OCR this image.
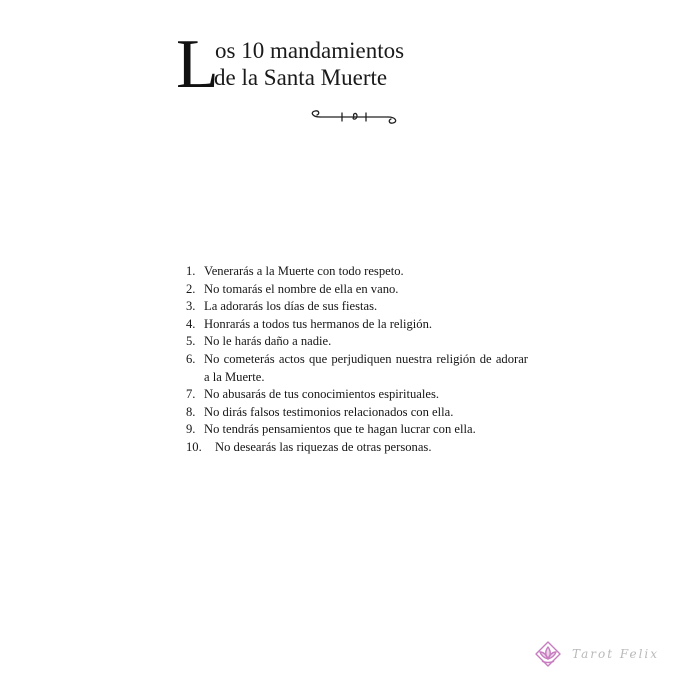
L
os 10 mandamientos
de la Santa Muerte
1. Venerarás a la Muerte con todo respeto.
2. No tomarás el nombre de ella en vano.
3. La adorarás los días de sus fiestas.
4. Honrarás a todos tus hermanos de la religión.
5. No le harás daño a nadie.
6. No cometerás actos que perjudiquen nuestra religión de adorar a la Muerte.
7. No abusarás de tus conocimientos espirituales.
8. No dirás falsos testimonios relacionados con ella.
9. No tendrás pensamientos que te hagan lucrar con ella.
10.	No desearás las riquezas de otras personas.
Tarot Felix
